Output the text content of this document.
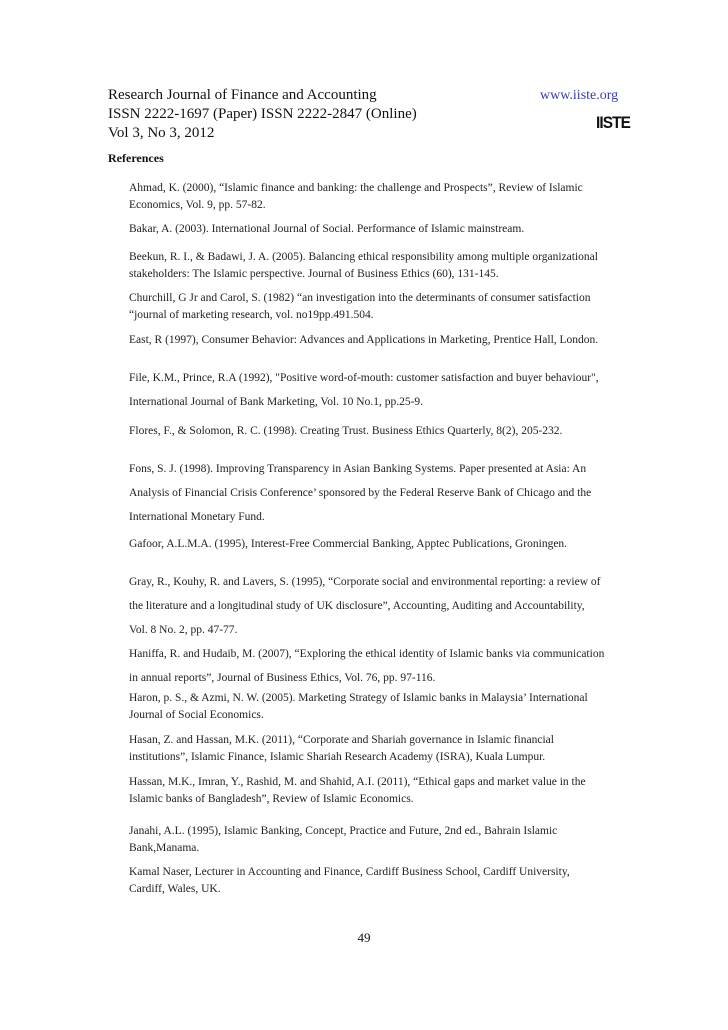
Research Journal of Finance and Accounting
ISSN 2222-1697 (Paper) ISSN 2222-2847 (Online)
Vol 3, No 3, 2012
www.iiste.org
IISTE
References

Ahmad, K. (2000), “Islamic finance and banking: the challenge and Prospects”, Review of Islamic

Economics, Vol. 9, pp. 57-82.

Bakar, A. (2003). International Journal of Social. Performance of Islamic mainstream.

Beekun, R. I., & Badawi, J. A. (2005). Balancing ethical responsibility among multiple organizational

stakeholders: The Islamic perspective. Journal of Business Ethics (60), 131-145.

Churchill, G Jr and Carol, S. (1982) “an investigation into the determinants of consumer satisfaction

“journal of marketing research, vol. no19pp.491.504.

East, R (1997), Consumer Behavior: Advances and Applications in Marketing, Prentice Hall, London.

File, K.M., Prince, R.A (1992), "Positive word-of-mouth: customer satisfaction and buyer behaviour",

International Journal of Bank Marketing, Vol. 10 No.1, pp.25-9.

Flores, F., & Solomon, R. C. (1998). Creating Trust. Business Ethics Quarterly, 8(2), 205-232.

Fons, S. J. (1998). Improving Transparency in Asian Banking Systems. Paper presented at Asia: An

Analysis of Financial Crisis Conference’ sponsored by the Federal Reserve Bank of Chicago and the

International Monetary Fund.

Gafoor, A.L.M.A. (1995), Interest-Free Commercial Banking, Apptec Publications, Groningen.

Gray, R., Kouhy, R. and Lavers, S. (1995), “Corporate social and environmental reporting: a review of

the literature and a longitudinal study of UK disclosure”, Accounting, Auditing and Accountability,

Vol. 8 No. 2, pp. 47-77.

Haniffa, R. and Hudaib, M. (2007), “Exploring the ethical identity of Islamic banks via communication

in annual reports”, Journal of Business Ethics, Vol. 76, pp. 97-116.

Haron, p. S., & Azmi, N. W. (2005). Marketing Strategy of Islamic banks in Malaysia’ International

Journal of Social Economics.

Hasan, Z. and Hassan, M.K. (2011), “Corporate and Shariah governance in Islamic financial

institutions”, Islamic Finance, Islamic Shariah Research Academy (ISRA), Kuala Lumpur.

Hassan, M.K., Imran, Y., Rashid, M. and Shahid, A.I. (2011), “Ethical gaps and market value in the

Islamic banks of Bangladesh”, Review of Islamic Economics.

Janahi, A.L. (1995), Islamic Banking, Concept, Practice and Future, 2nd ed., Bahrain Islamic

Bank,Manama.

Kamal Naser, Lecturer in Accounting and Finance, Cardiff Business School, Cardiff University,

Cardiff, Wales, UK.

49
